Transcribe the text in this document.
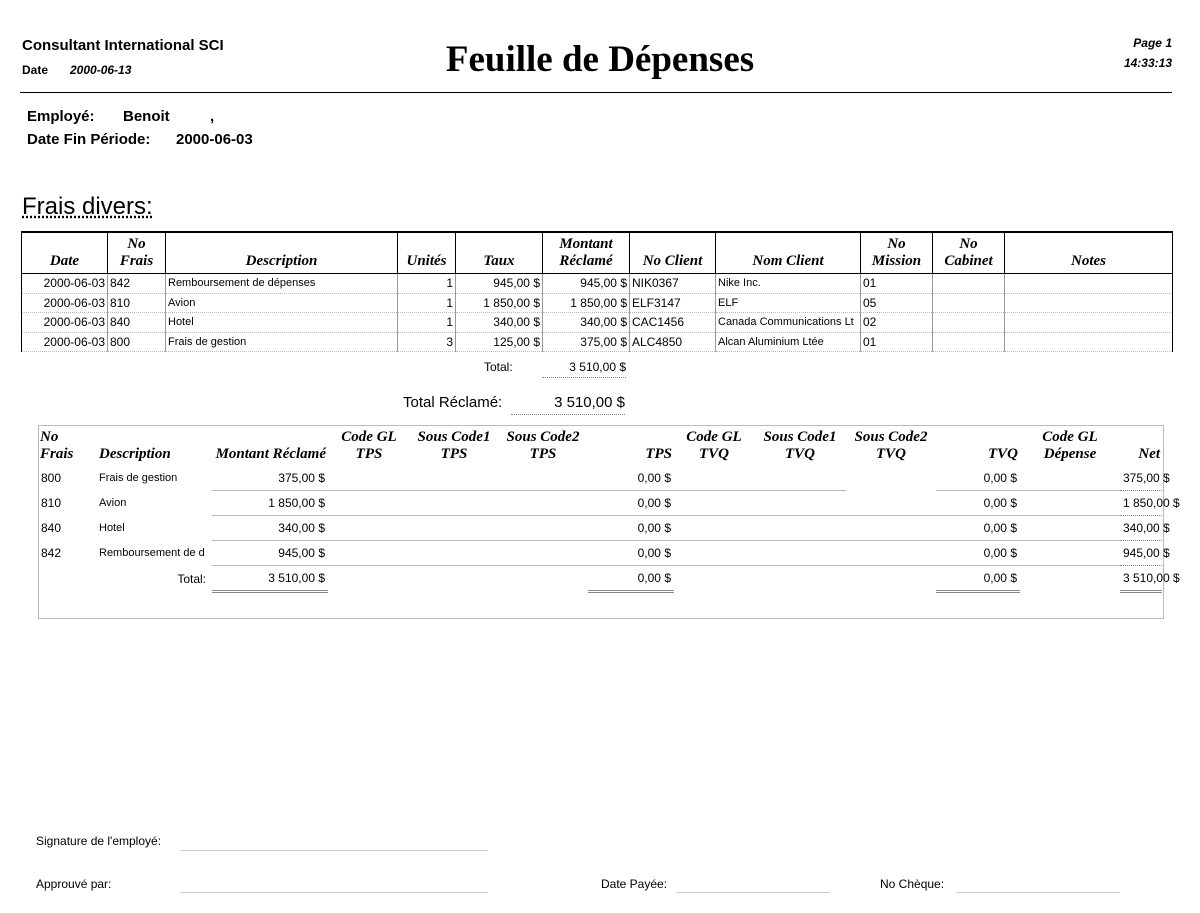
Consultant International SCI
Date 2000-06-13	Feuille de Dépenses	Page 1
14:33:13
Employé: Benoit	,
Date Fin Période: 2000-06-03
Frais divers:
Date	No Frais	Description	Unités	Taux	Montant Réclamé	No Client	Nom Client	No Mission	No Cabinet	Notes
2000-06-03	842	Remboursement de dépenses	1	945,00 $	945,00 $	NIK0367	Nike Inc.	01		
2000-06-03	810	Avion	1	1 850,00 $	1 850,00 $	ELF3147	ELF	05		
2000-06-03	840	Hotel	1	340,00 $	340,00 $	CAC1456	Canada Communications Lt	02		
2000-06-03	800	Frais de gestion	3	125,00 $	375,00 $	ALC4850	Alcan Aluminium Ltée	01		
Total:	3 510,00 $
Total Réclamé:	3 510,00 $
No Frais	Description	Montant Réclamé	Code GL TPS	Sous Code1 TPS	Sous Code2 TPS	TPS	Code GL TVQ	Sous Code1 TVQ	Sous Code2 TVQ	TVQ	Code GL Dépense	Net
800	Frais de gestion	375,00 $				0,00 $				0,00 $		375,00 $
810	Avion	1 850,00 $				0,00 $				0,00 $		1 850,00 $
840	Hotel	340,00 $				0,00 $				0,00 $		340,00 $
842	Remboursement de d	945,00 $				0,00 $				0,00 $		945,00 $
	Total:	3 510,00 $				0,00 $				0,00 $		3 510,00 $
Signature de l'employé:
Approuvé par:	Date Payée:	No Chèque:
